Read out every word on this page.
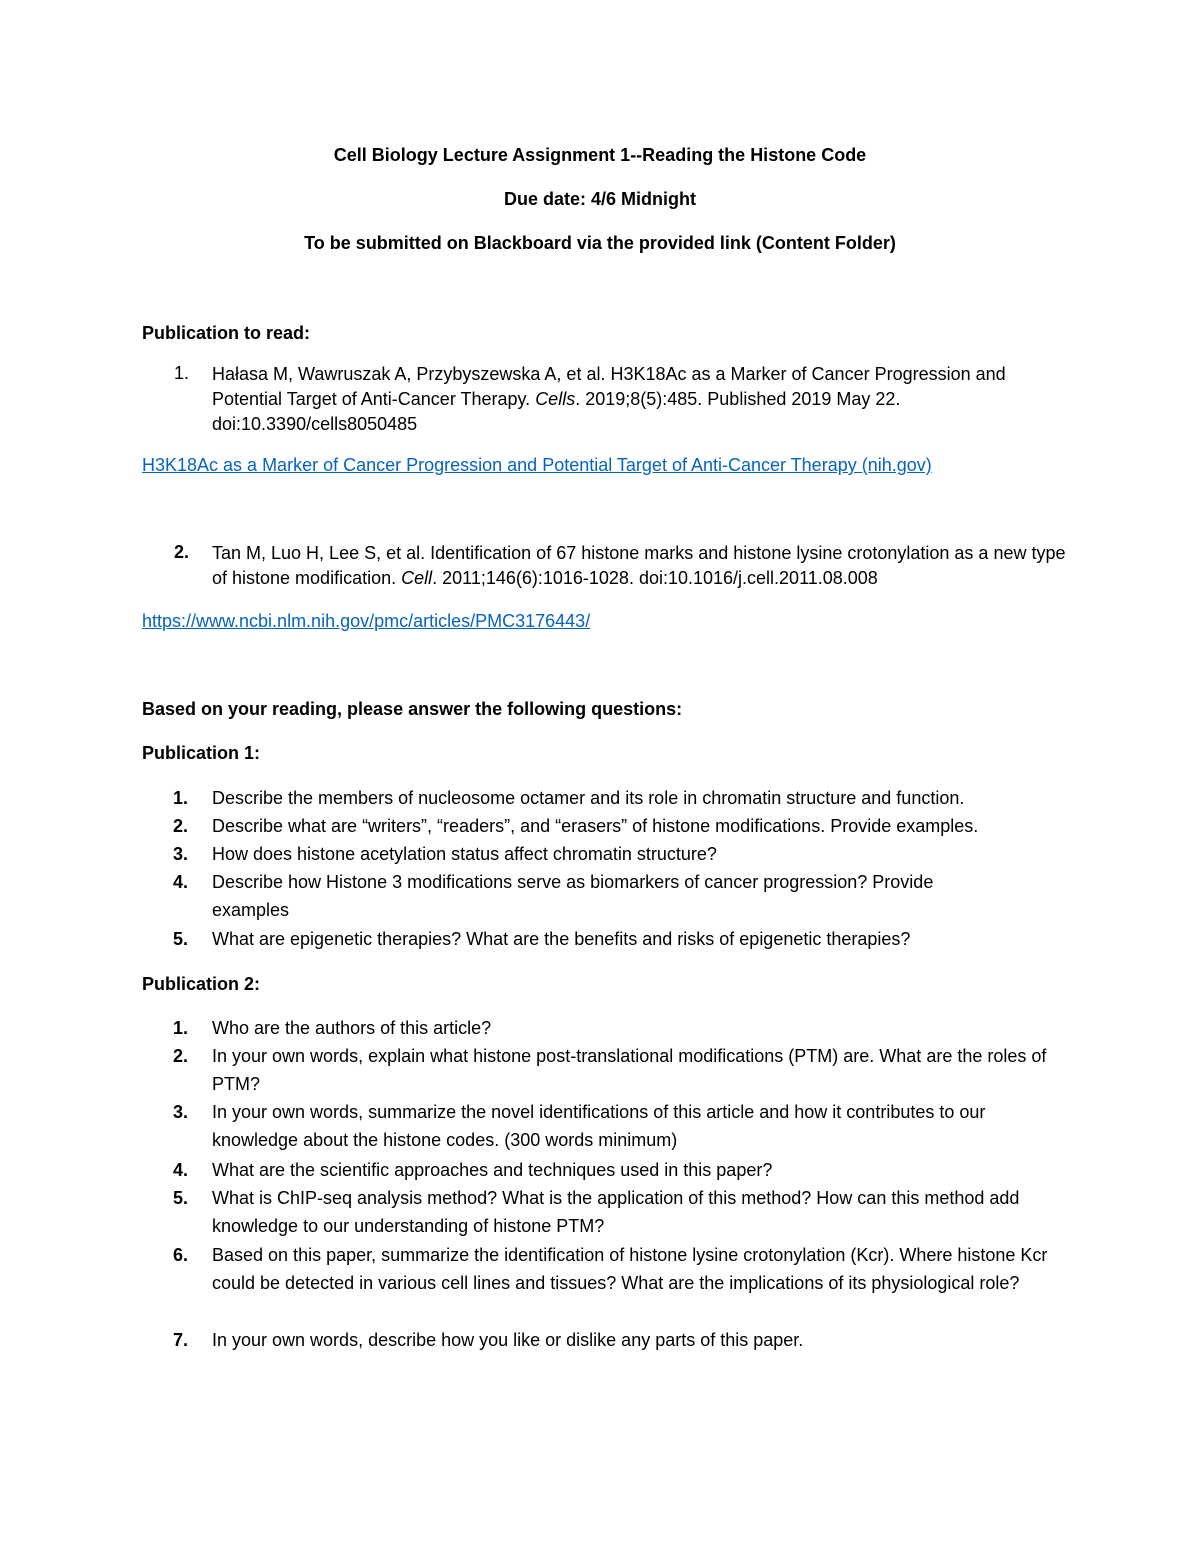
Cell Biology Lecture Assignment 1--Reading the Histone Code
Due date: 4/6 Midnight
To be submitted on Blackboard via the provided link (Content Folder)
Publication to read:
1. Hałasa M, Wawruszak A, Przybyszewska A, et al. H3K18Ac as a Marker of Cancer Progression and Potential Target of Anti-Cancer Therapy. Cells. 2019;8(5):485. Published 2019 May 22. doi:10.3390/cells8050485
H3K18Ac as a Marker of Cancer Progression and Potential Target of Anti-Cancer Therapy (nih.gov)
2. Tan M, Luo H, Lee S, et al. Identification of 67 histone marks and histone lysine crotonylation as a new type of histone modification. Cell. 2011;146(6):1016-1028. doi:10.1016/j.cell.2011.08.008
https://www.ncbi.nlm.nih.gov/pmc/articles/PMC3176443/
Based on your reading, please answer the following questions:
Publication 1:
1. Describe the members of nucleosome octamer and its role in chromatin structure and function.
2. Describe what are “writers”, “readers”, and “erasers” of histone modifications. Provide examples.
3. How does histone acetylation status affect chromatin structure?
4. Describe how Histone 3 modifications serve as biomarkers of cancer progression? Provide examples
5. What are epigenetic therapies? What are the benefits and risks of epigenetic therapies?
Publication 2:
1. Who are the authors of this article?
2. In your own words, explain what histone post-translational modifications (PTM) are. What are the roles of PTM?
3. In your own words, summarize the novel identifications of this article and how it contributes to our knowledge about the histone codes. (300 words minimum)
4. What are the scientific approaches and techniques used in this paper?
5. What is ChIP-seq analysis method? What is the application of this method? How can this method add knowledge to our understanding of histone PTM?
6. Based on this paper, summarize the identification of histone lysine crotonylation (Kcr). Where histone Kcr could be detected in various cell lines and tissues? What are the implications of its physiological role?
7. In your own words, describe how you like or dislike any parts of this paper.
